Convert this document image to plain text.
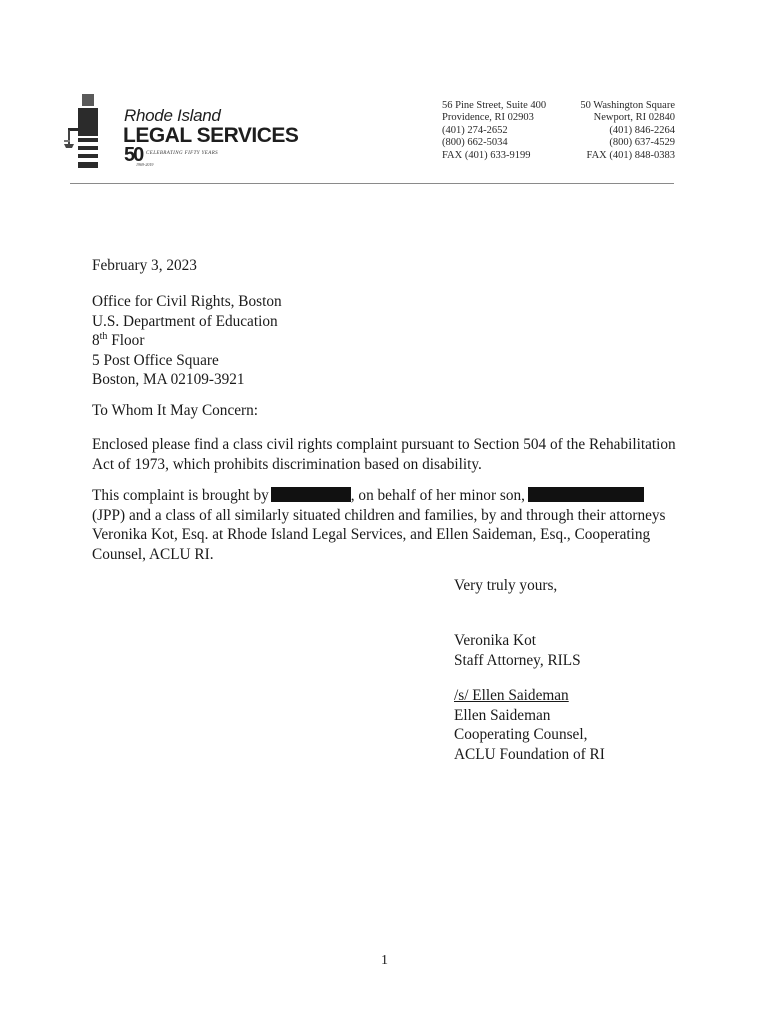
Rhode Island
LEGAL SERVICES
50 CELEBRATING FIFTY YEARS
1969-2019
56 Pine Street, Suite 400
Providence, RI 02903
(401) 274-2652
(800) 662-5034
FAX (401) 633-9199
50 Washington Square
Newport, RI 02840
(401) 846-2264
(800) 637-4529
FAX (401) 848-0383
February 3, 2023
Office for Civil Rights, Boston
U.S. Department of Education
8th Floor
5 Post Office Square
Boston, MA 02109-3921
To Whom It May Concern:
Enclosed please find a class civil rights complaint pursuant to Section 504 of the Rehabilitation
Act of 1973, which prohibits discrimination based on disability.
This complaint is brought by	, on behalf of her minor son,
(JPP) and a class of all similarly situated children and families, by and through their attorneys
Veronika Kot, Esq. at Rhode Island Legal Services, and Ellen Saideman, Esq., Cooperating
Counsel, ACLU RI.
Very truly yours,
Veronika Kot
Staff Attorney, RILS
/s/ Ellen Saideman
Ellen Saideman
Cooperating Counsel,
ACLU Foundation of RI
1
